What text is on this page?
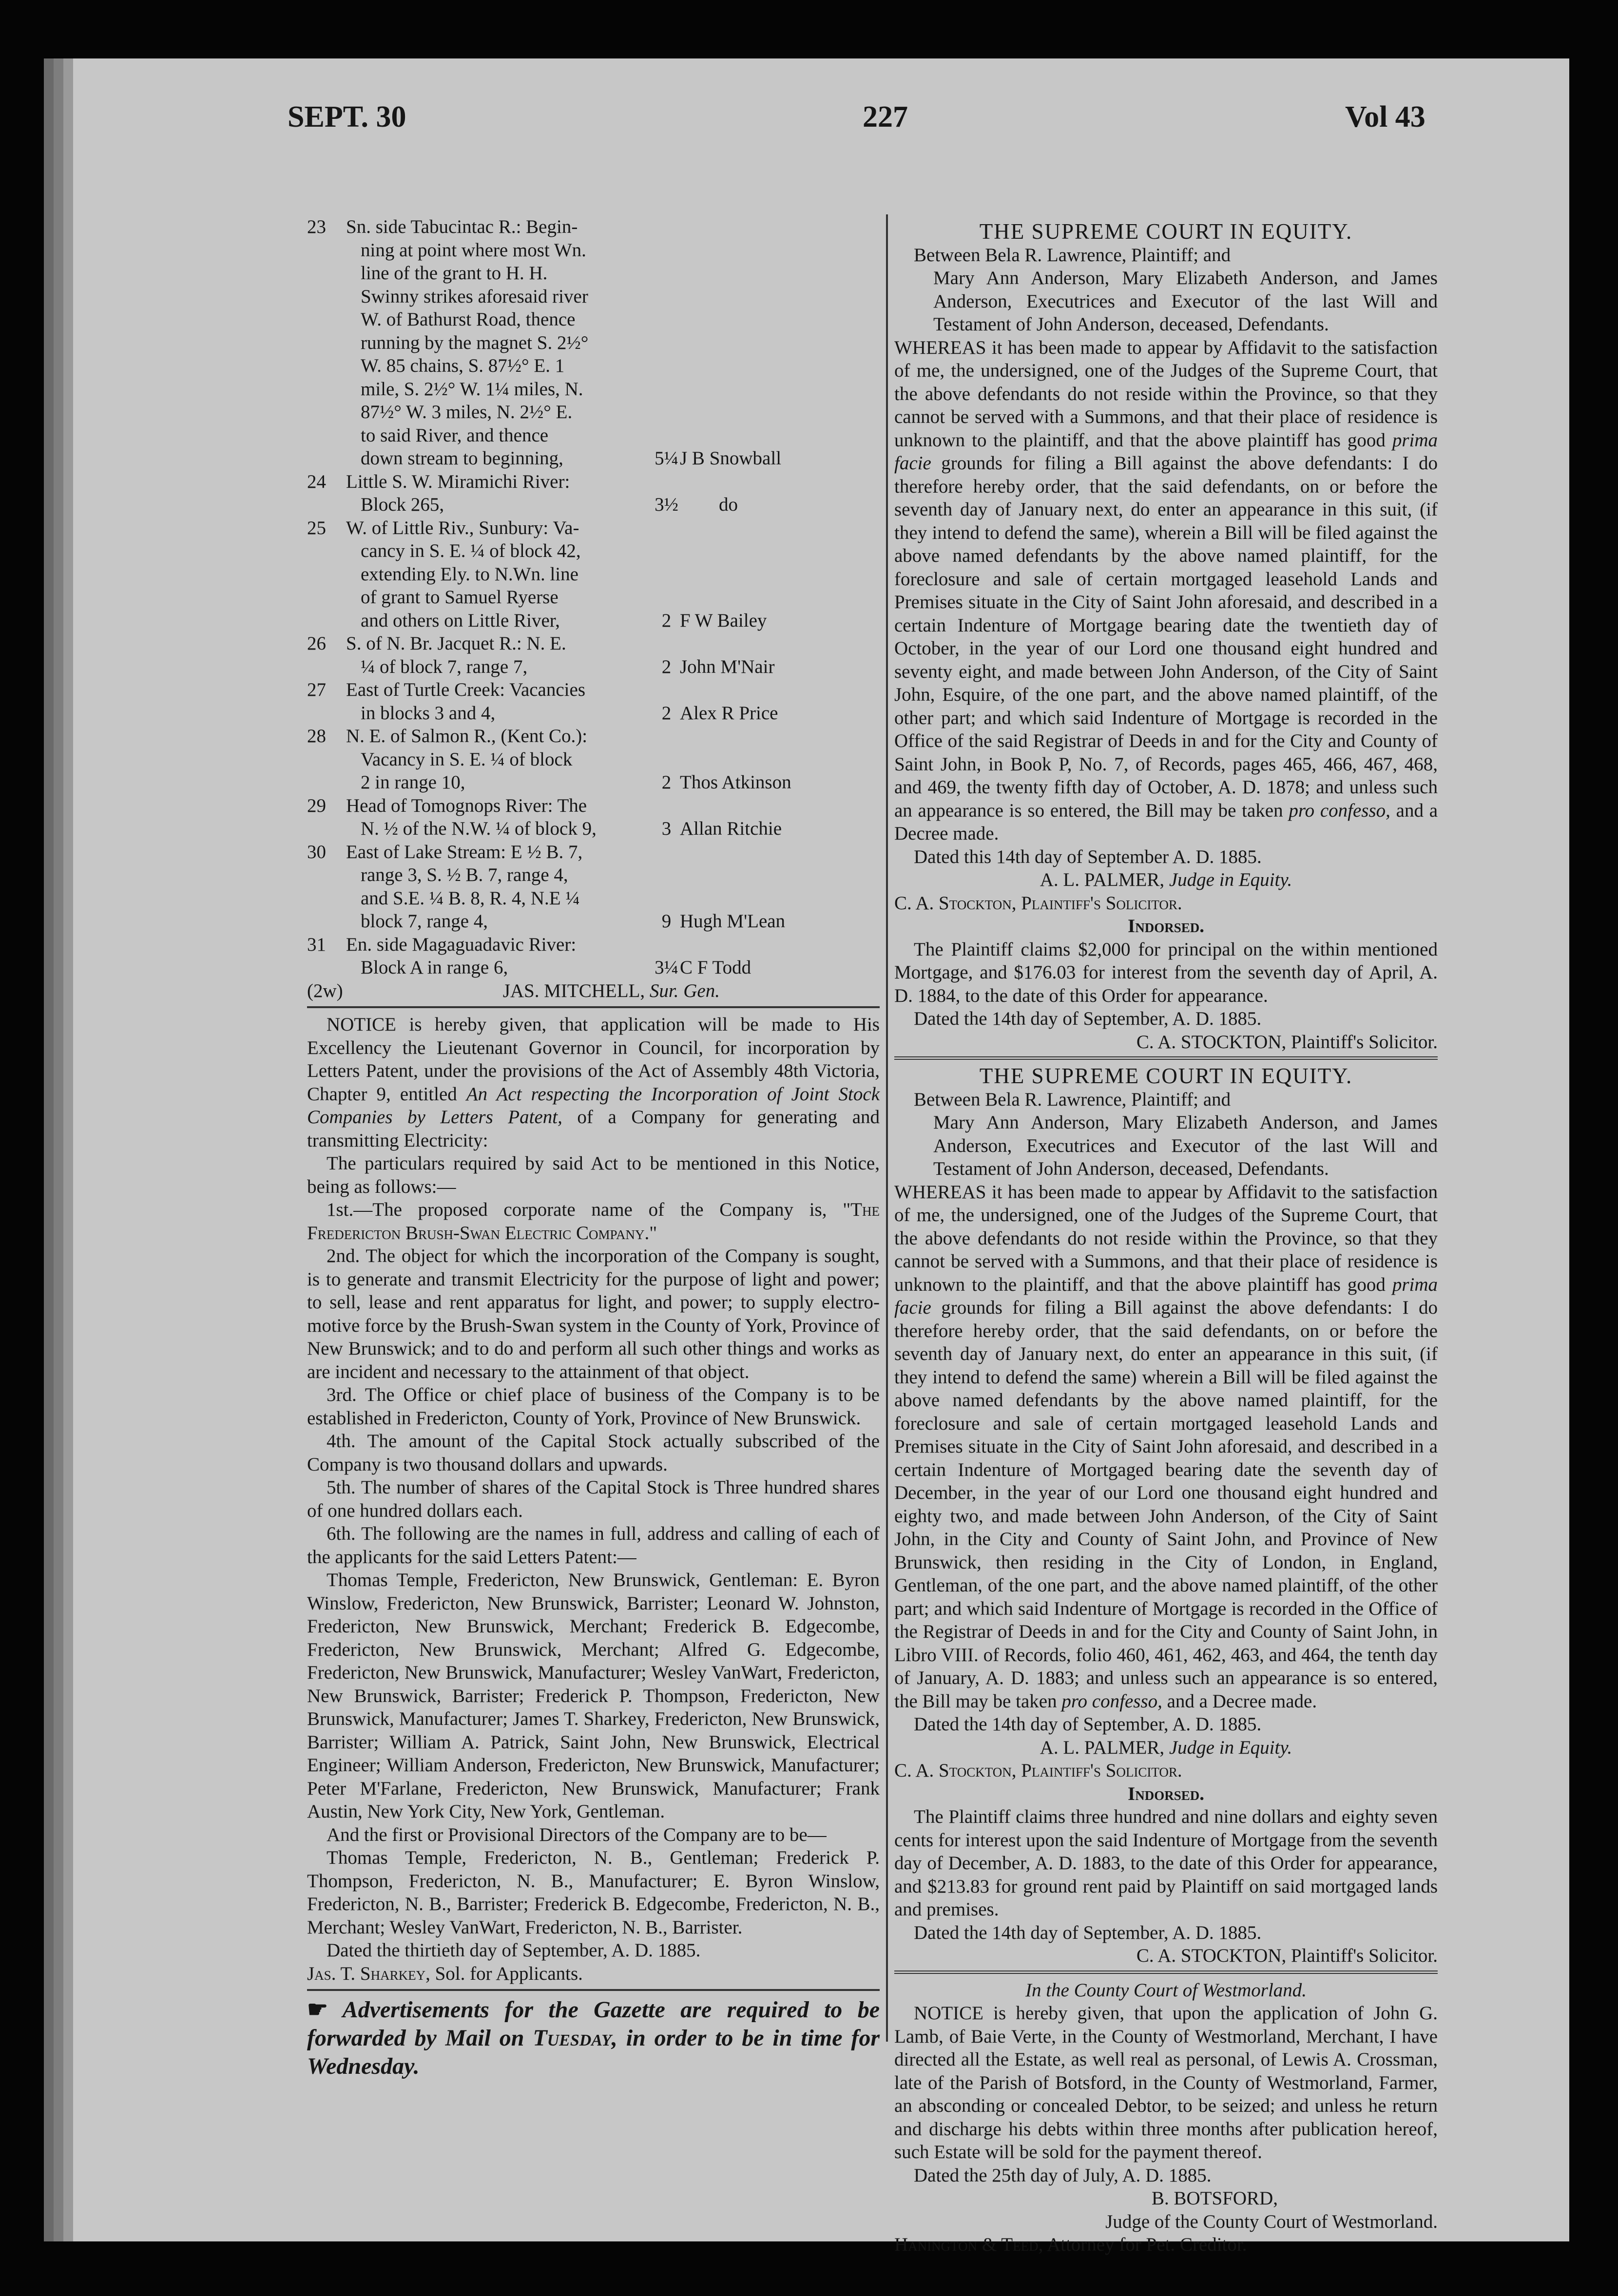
SEPT. 30	227	Vol 43
23	Sn. side Tabucintac R.: Begin-
ning at point where most Wn.
line of the grant to H. H.
Swinny strikes aforesaid river
W. of Bathurst Road, thence
running by the magnet S. 2½°
W. 85 chains, S. 87½° E. 1
mile, S. 2½° W. 1¼ miles, N.
87½° W. 3 miles, N. 2½° E.
to said River, and thence
down stream to beginning,	5¼ J B Snowball
24	Little S. W. Miramichi River:
Block 265,	3½	do
25	W. of Little Riv., Sunbury: Va-
cancy in S. E. ¼ of block 42,
extending Ely. to N.Wn. line
of grant to Samuel Ryerse
and others on Little River,	2 F W Bailey
26	S. of N. Br. Jacquet R.: N. E.
¼ of block 7, range 7,	2 John M'Nair
27	East of Turtle Creek: Vacancies
in blocks 3 and 4,	2 Alex R Price
28	N. E. of Salmon R., (Kent Co.):
Vacancy in S. E. ¼ of block
2 in range 10,	2 Thos Atkinson
29	Head of Tomognops River: The
N. ½ of the N.W. ¼ of block 9,	3 Allan Ritchie
30	East of Lake Stream: E ½ B. 7,
range 3, S. ½ B. 7, range 4,
and S.E. ¼ B. 8, R. 4, N.E ¼
block 7, range 4,	9 Hugh M'Lean
31	En. side Magaguadavic River:
Block A in range 6,	3¼ C F Todd
(2w)	JAS. MITCHELL, Sur. Gen.
NOTICE is hereby given, that application will be made to His Excellency the Lieutenant Governor in Council, for incorporation by Letters Patent, under the provisions of the Act of Assembly 48th Victoria, Chapter 9, entitled An Act respecting the Incorporation of Joint Stock Companies by Letters Patent, of a Company for generating and transmitting Electricity:
The particulars required by said Act to be mentioned in this Notice, being as follows:—
1st.—The proposed corporate name of the Company is, "The Fredericton Brush-Swan Electric Company."
2nd. The object for which the incorporation of the Company is sought, is to generate and transmit Electricity for the purpose of light and power; to sell, lease and rent apparatus for light, and power; to supply electro-motive force by the Brush-Swan system in the County of York, Province of New Brunswick; and to do and perform all such other things and works as are incident and necessary to the attainment of that object.
3rd. The Office or chief place of business of the Company is to be established in Fredericton, County of York, Province of New Brunswick.
4th. The amount of the Capital Stock actually subscribed of the Company is two thousand dollars and upwards.
5th. The number of shares of the Capital Stock is Three hundred shares of one hundred dollars each.
6th. The following are the names in full, address and calling of each of the applicants for the said Letters Patent:—
Thomas Temple, Fredericton, New Brunswick, Gentleman: E. Byron Winslow, Fredericton, New Brunswick, Barrister; Leonard W. Johnston, Fredericton, New Brunswick, Merchant; Frederick B. Edgecombe, Fredericton, New Brunswick, Merchant; Alfred G. Edgecombe, Fredericton, New Brunswick, Manufacturer; Wesley VanWart, Fredericton, New Brunswick, Barrister; Frederick P. Thompson, Fredericton, New Brunswick, Manufacturer; James T. Sharkey, Fredericton, New Brunswick, Barrister; William A. Patrick, Saint John, New Brunswick, Electrical Engineer; William Anderson, Fredericton, New Brunswick, Manufacturer; Peter M'Farlane, Fredericton, New Brunswick, Manufacturer; Frank Austin, New York City, New York, Gentleman.
And the first or Provisional Directors of the Company are to be—
Thomas Temple, Fredericton, N. B., Gentleman; Frederick P. Thompson, Fredericton, N. B., Manufacturer; E. Byron Winslow, Fredericton, N. B., Barrister; Frederick B. Edgecombe, Fredericton, N. B., Merchant; Wesley VanWart, Fredericton, N. B., Barrister.
Dated the thirtieth day of September, A. D. 1885.
Jas. T. Sharkey, Sol. for Applicants.
☛ Advertisements for the Gazette are required to be forwarded by Mail on Tuesday, in order to be in time for Wednesday.
THE SUPREME COURT IN EQUITY.
Between Bela R. Lawrence, Plaintiff; and
Mary Ann Anderson, Mary Elizabeth Anderson, and James Anderson, Executrices and Executor of the last Will and Testament of John Anderson, deceased, Defendants.
WHEREAS it has been made to appear by Affidavit to the satisfaction of me, the undersigned, one of the Judges of the Supreme Court, that the above defendants do not reside within the Province, so that they cannot be served with a Summons, and that their place of residence is unknown to the plaintiff, and that the above plaintiff has good prima facie grounds for filing a Bill against the above defendants: I do therefore hereby order, that the said defendants, on or before the seventh day of January next, do enter an appearance in this suit, (if they intend to defend the same), wherein a Bill will be filed against the above named defendants by the above named plaintiff, for the foreclosure and sale of certain mortgaged leasehold Lands and Premises situate in the City of Saint John aforesaid, and described in a certain Indenture of Mortgage bearing date the twentieth day of October, in the year of our Lord one thousand eight hundred and seventy eight, and made between John Anderson, of the City of Saint John, Esquire, of the one part, and the above named plaintiff, of the other part; and which said Indenture of Mortgage is recorded in the Office of the said Registrar of Deeds in and for the City and County of Saint John, in Book P, No. 7, of Records, pages 465, 466, 467, 468, and 469, the twenty fifth day of October, A. D. 1878; and unless such an appearance is so entered, the Bill may be taken pro confesso, and a Decree made.
Dated this 14th day of September A. D. 1885.
A. L. PALMER, Judge in Equity.
C. A. Stockton, Plaintiff's Solicitor.
Indorsed.
The Plaintiff claims $2,000 for principal on the within mentioned Mortgage, and $176.03 for interest from the seventh day of April, A. D. 1884, to the date of this Order for appearance.
Dated the 14th day of September, A. D. 1885.
C. A. STOCKTON, Plaintiff's Solicitor.
THE SUPREME COURT IN EQUITY.
Between Bela R. Lawrence, Plaintiff; and
Mary Ann Anderson, Mary Elizabeth Anderson, and James Anderson, Executrices and Executor of the last Will and Testament of John Anderson, deceased, Defendants.
WHEREAS it has been made to appear by Affidavit to the satisfaction of me, the undersigned, one of the Judges of the Supreme Court, that the above defendants do not reside within the Province, so that they cannot be served with a Summons, and that their place of residence is unknown to the plaintiff, and that the above plaintiff has good prima facie grounds for filing a Bill against the above defendants: I do therefore hereby order, that the said defendants, on or before the seventh day of January next, do enter an appearance in this suit, (if they intend to defend the same) wherein a Bill will be filed against the above named defendants by the above named plaintiff, for the foreclosure and sale of certain mortgaged leasehold Lands and Premises situate in the City of Saint John aforesaid, and described in a certain Indenture of Mortgaged bearing date the seventh day of December, in the year of our Lord one thousand eight hundred and eighty two, and made between John Anderson, of the City of Saint John, in the City and County of Saint John, and Province of New Brunswick, then residing in the City of London, in England, Gentleman, of the one part, and the above named plaintiff, of the other part; and which said Indenture of Mortgage is recorded in the Office of the Registrar of Deeds in and for the City and County of Saint John, in Libro VIII. of Records, folio 460, 461, 462, 463, and 464, the tenth day of January, A. D. 1883; and unless such an appearance is so entered, the Bill may be taken pro confesso, and a Decree made.
Dated the 14th day of September, A. D. 1885.
A. L. PALMER, Judge in Equity.
C. A. Stockton, Plaintiff's Solicitor.
Indorsed.
The Plaintiff claims three hundred and nine dollars and eighty seven cents for interest upon the said Indenture of Mortgage from the seventh day of December, A. D. 1883, to the date of this Order for appearance, and $213.83 for ground rent paid by Plaintiff on said mortgaged lands and premises.
Dated the 14th day of September, A. D. 1885.
C. A. STOCKTON, Plaintiff's Solicitor.
In the County Court of Westmorland.
NOTICE is hereby given, that upon the application of John G. Lamb, of Baie Verte, in the County of Westmorland, Merchant, I have directed all the Estate, as well real as personal, of Lewis A. Crossman, late of the Parish of Botsford, in the County of Westmorland, Farmer, an absconding or concealed Debtor, to be seized; and unless he return and discharge his debts within three months after publication hereof, such Estate will be sold for the payment thereof.
Dated the 25th day of July, A. D. 1885.
B. BOTSFORD,
Judge of the County Court of Westmorland.
Hanington & Teed, Attorney for Pet. Creditor.
